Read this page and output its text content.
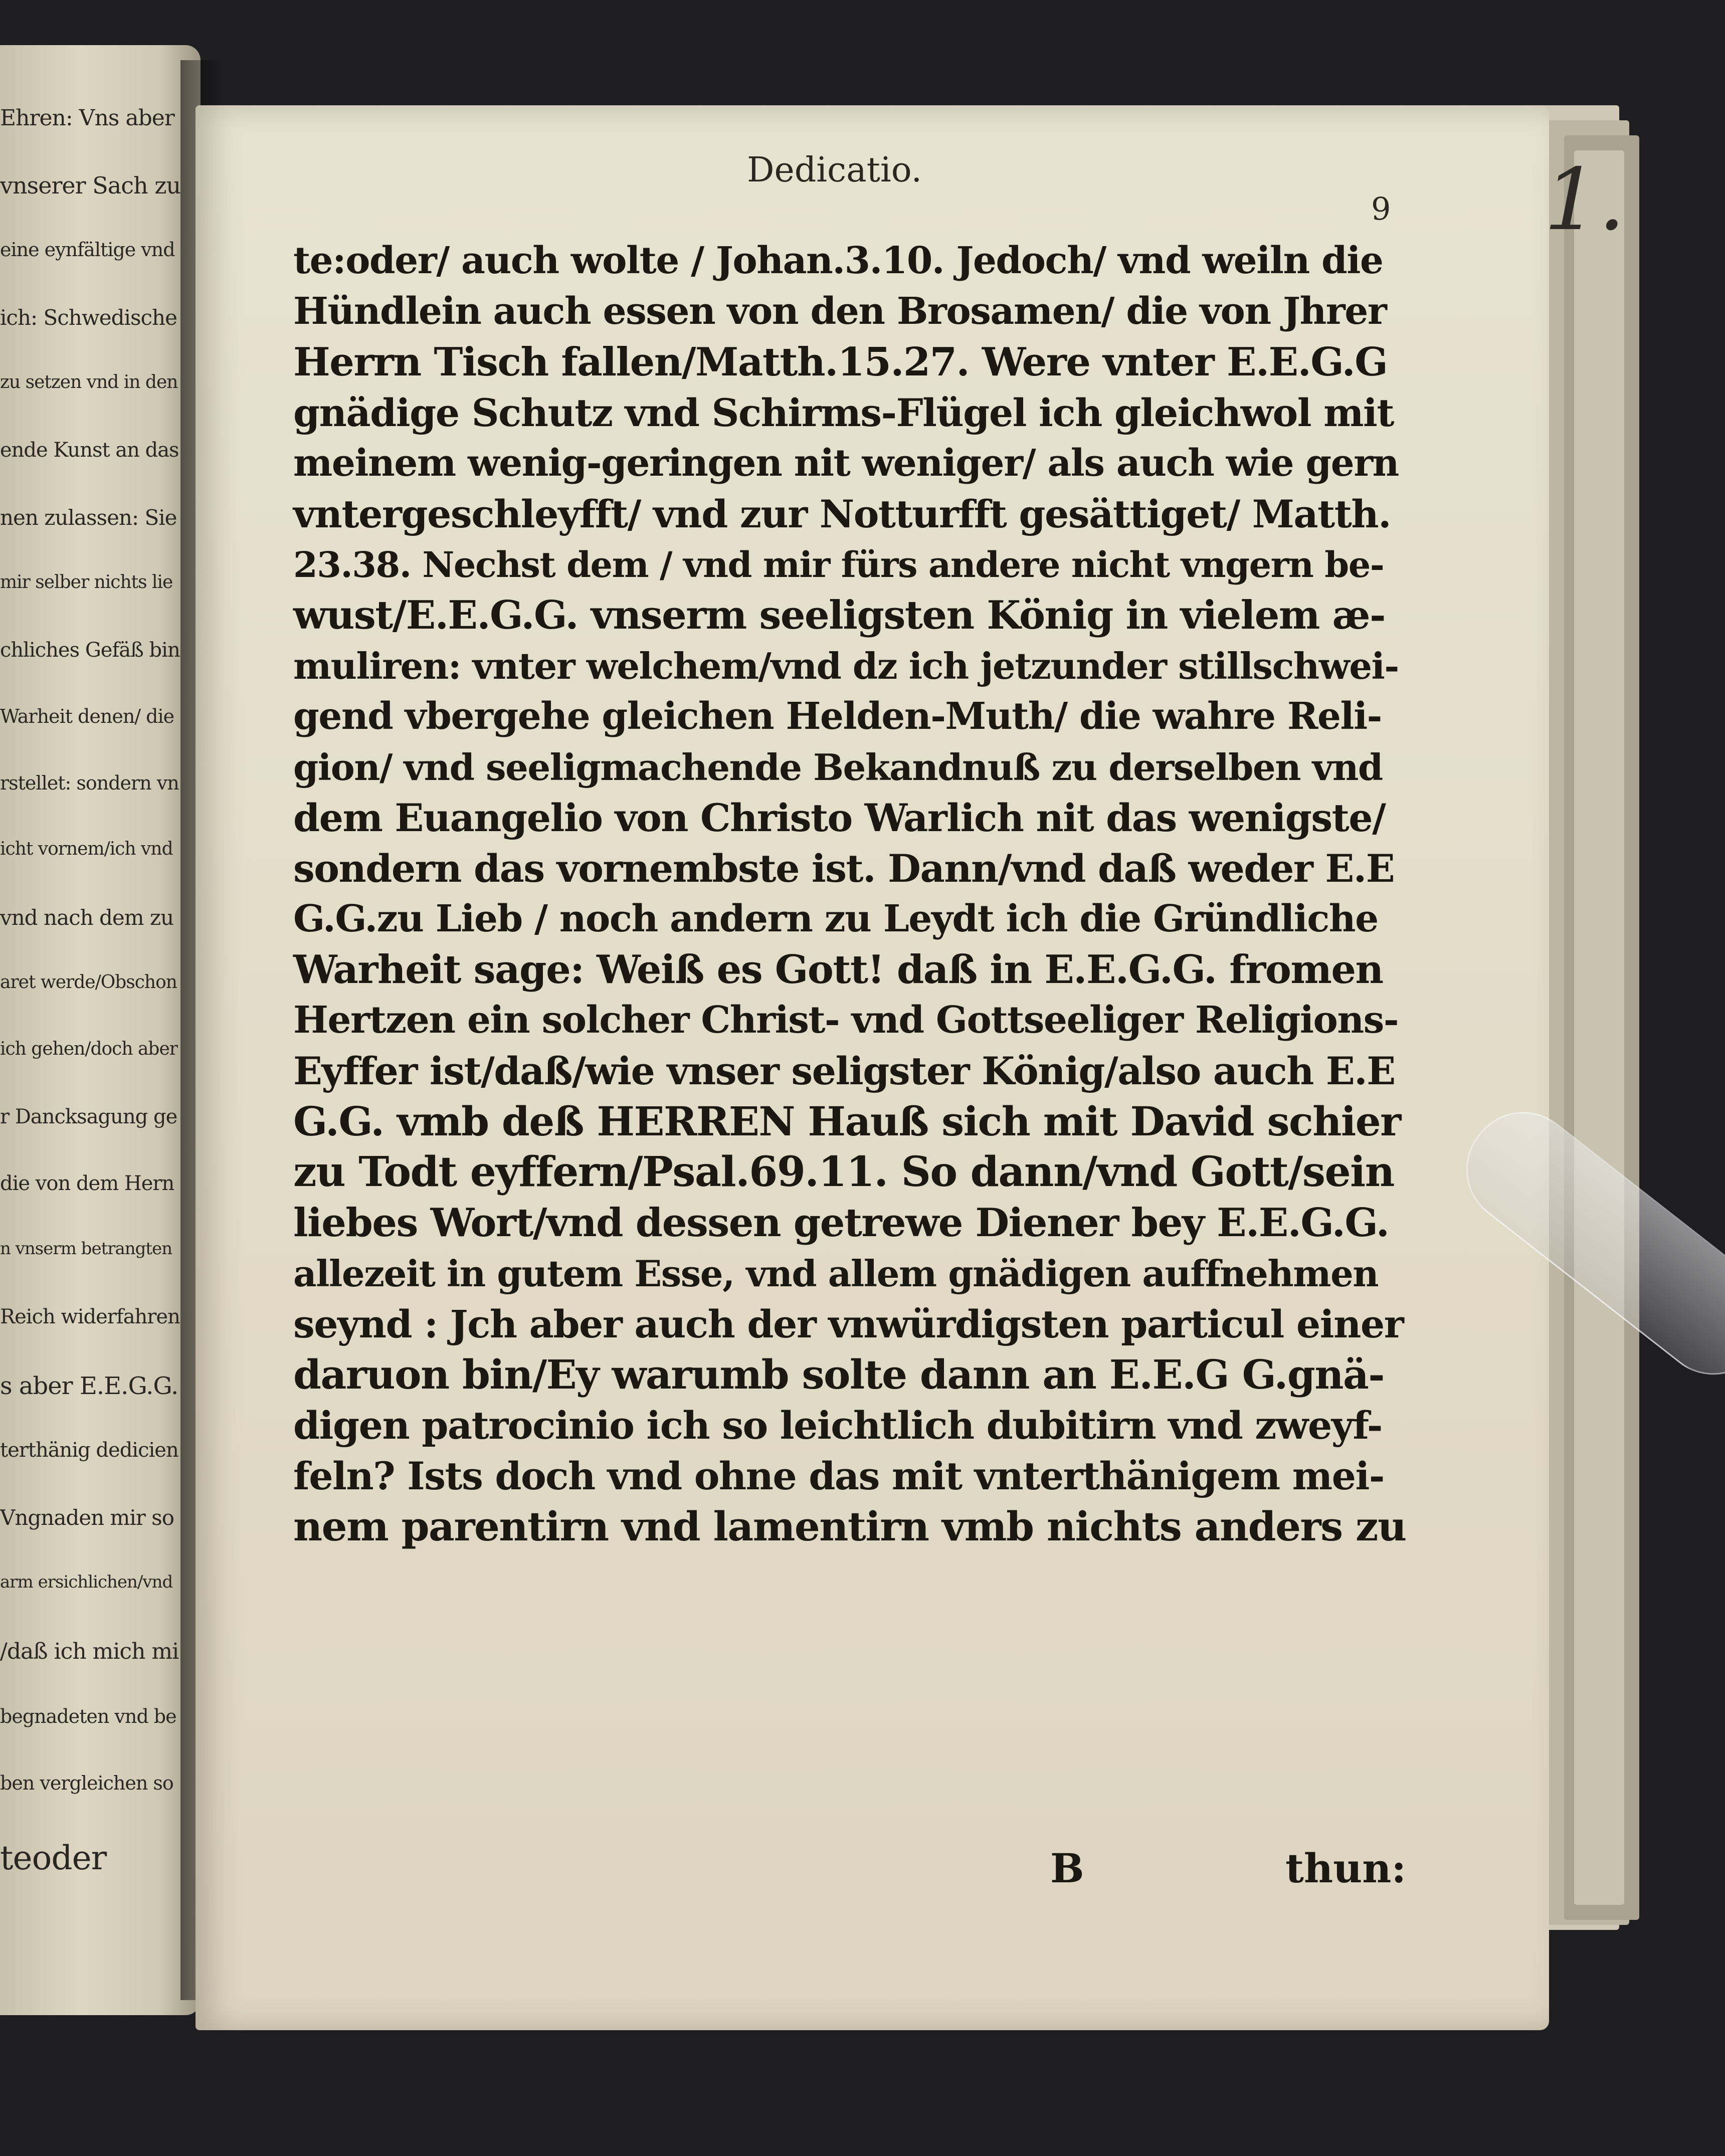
Ehren: Vns aber
vnserer Sach zu
eine eynfältige vnd
ich: Schwedische
zu setzen vnd in den
ende Kunst an das
nen zulassen: Sie
mir selber nichts lie
chliches Gefäß bin
Warheit denen/ die
rstellet: sondern vn
icht vornem/ich vnd
vnd nach dem zu
aret werde/Obschon
ich gehen/doch aber
r Dancksagung ge
die von dem Hern
n vnserm betrangten
Reich widerfahren
s aber E.E.G.G.
terthänig dedicien
Vngnaden mir so
arm ersichlichen/vnd
/daß ich mich mi
begnadeten vnd be
ben vergleichen so
teoder
Dedicatio.
9 1.
te:oder/ auch wolte / Johan.3.10. Jedoch/ vnd weiln die
Hündlein auch essen von den Brosamen/ die von Jhrer
Herrn Tisch fallen/Matth.15.27. Were vnter E.E.G.G
gnädige Schutz vnd Schirms-Flügel ich gleichwol mit
meinem wenig-geringen nit weniger/ als auch wie gern
vntergeschleyfft/ vnd zur Notturfft gesättiget/ Matth.
23.38. Nechst dem / vnd mir fürs andere nicht vngern be-
wust/E.E.G.G. vnserm seeligsten König in vielem æ-
muliren: vnter welchem/vnd dz ich jetzunder stillschwei-
gend vbergehe gleichen Helden-Muth/ die wahre Reli-
gion/ vnd seeligmachende Bekandnuß zu derselben vnd
dem Euangelio von Christo Warlich nit das wenigste/
sondern das vornembste ist. Dann/vnd daß weder E.E
G.G.zu Lieb / noch andern zu Leydt ich die Gründliche
Warheit sage: Weiß es Gott! daß in E.E.G.G. fromen
Hertzen ein solcher Christ- vnd Gottseeliger Religions-
Eyffer ist/daß/wie vnser seligster König/also auch E.E
G.G. vmb deß HERREN Hauß sich mit David schier
zu Todt eyffern/Psal.69.11. So dann/vnd Gott/sein
liebes Wort/vnd dessen getrewe Diener bey E.E.G.G.
allezeit in gutem Esse, vnd allem gnädigen auffnehmen
seynd : Jch aber auch der vnwürdigsten particul einer
daruon bin/Ey warumb solte dann an E.E.G G.gnä-
digen patrocinio ich so leichtlich dubitirn vnd zweyf-
feln? Ists doch vnd ohne das mit vnterthänigem mei-
nem parentirn vnd lamentirn vmb nichts anders zu
B	thun:
